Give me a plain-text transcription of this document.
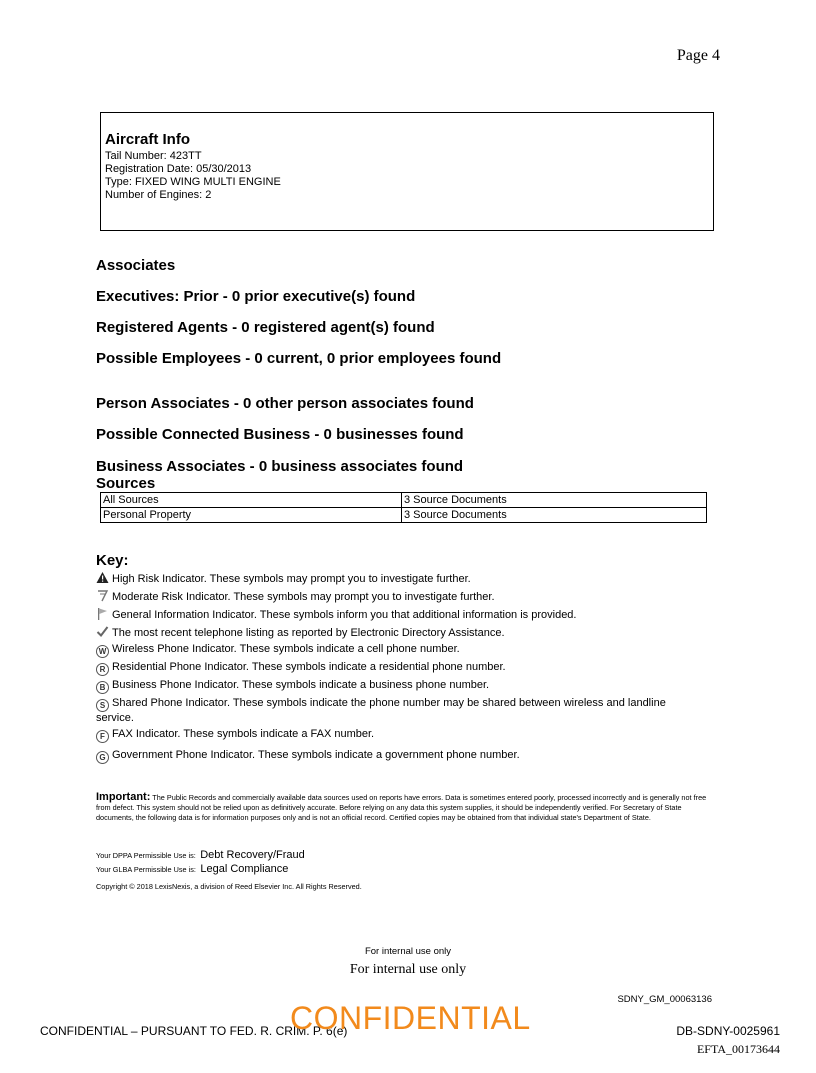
Page 4
Aircraft Info
Tail Number: 423TT
Registration Date: 05/30/2013
Type: FIXED WING MULTI ENGINE
Number of Engines: 2
Associates
Executives: Prior - 0 prior executive(s) found
Registered Agents - 0 registered agent(s) found
Possible Employees - 0 current, 0 prior employees found
Person Associates - 0 other person associates found
Possible Connected Business - 0 businesses found
Business Associates - 0 business associates found
Sources
All Sources	3 Source Documents
Personal Property	3 Source Documents
Key:
High Risk Indicator. These symbols may prompt you to investigate further.
Moderate Risk Indicator. These symbols may prompt you to investigate further.
General Information Indicator. These symbols inform you that additional information is provided.
The most recent telephone listing as reported by Electronic Directory Assistance.
W Wireless Phone Indicator. These symbols indicate a cell phone number.
R Residential Phone Indicator. These symbols indicate a residential phone number.
B Business Phone Indicator. These symbols indicate a business phone number.
S Shared Phone Indicator. These symbols indicate the phone number may be shared between wireless and landline
service.
F FAX Indicator. These symbols indicate a FAX number.
G Government Phone Indicator. These symbols indicate a government phone number.
Important: The Public Records and commercially available data sources used on reports have errors. Data is sometimes entered poorly, processed incorrectly and is generally not free from defect. This system should not be relied upon as definitively accurate. Before relying on any data this system supplies, it should be independently verified. For Secretary of State documents, the following data is for information purposes only and is not an official record. Certified copies may be obtained from that individual state's Department of State.
Your DPPA Permissible Use is: Debt Recovery/Fraud
Your GLBA Permissible Use is: Legal Compliance
Copyright © 2018 LexisNexis, a division of Reed Elsevier Inc. All Rights Reserved.
For internal use only
For internal use only
SDNY_GM_00063136
CONFIDENTIAL – PURSUANT TO FED. R. CRIM. P. 6(e)
CONFIDENTIAL	DB-SDNY-0025961
EFTA_00173644
